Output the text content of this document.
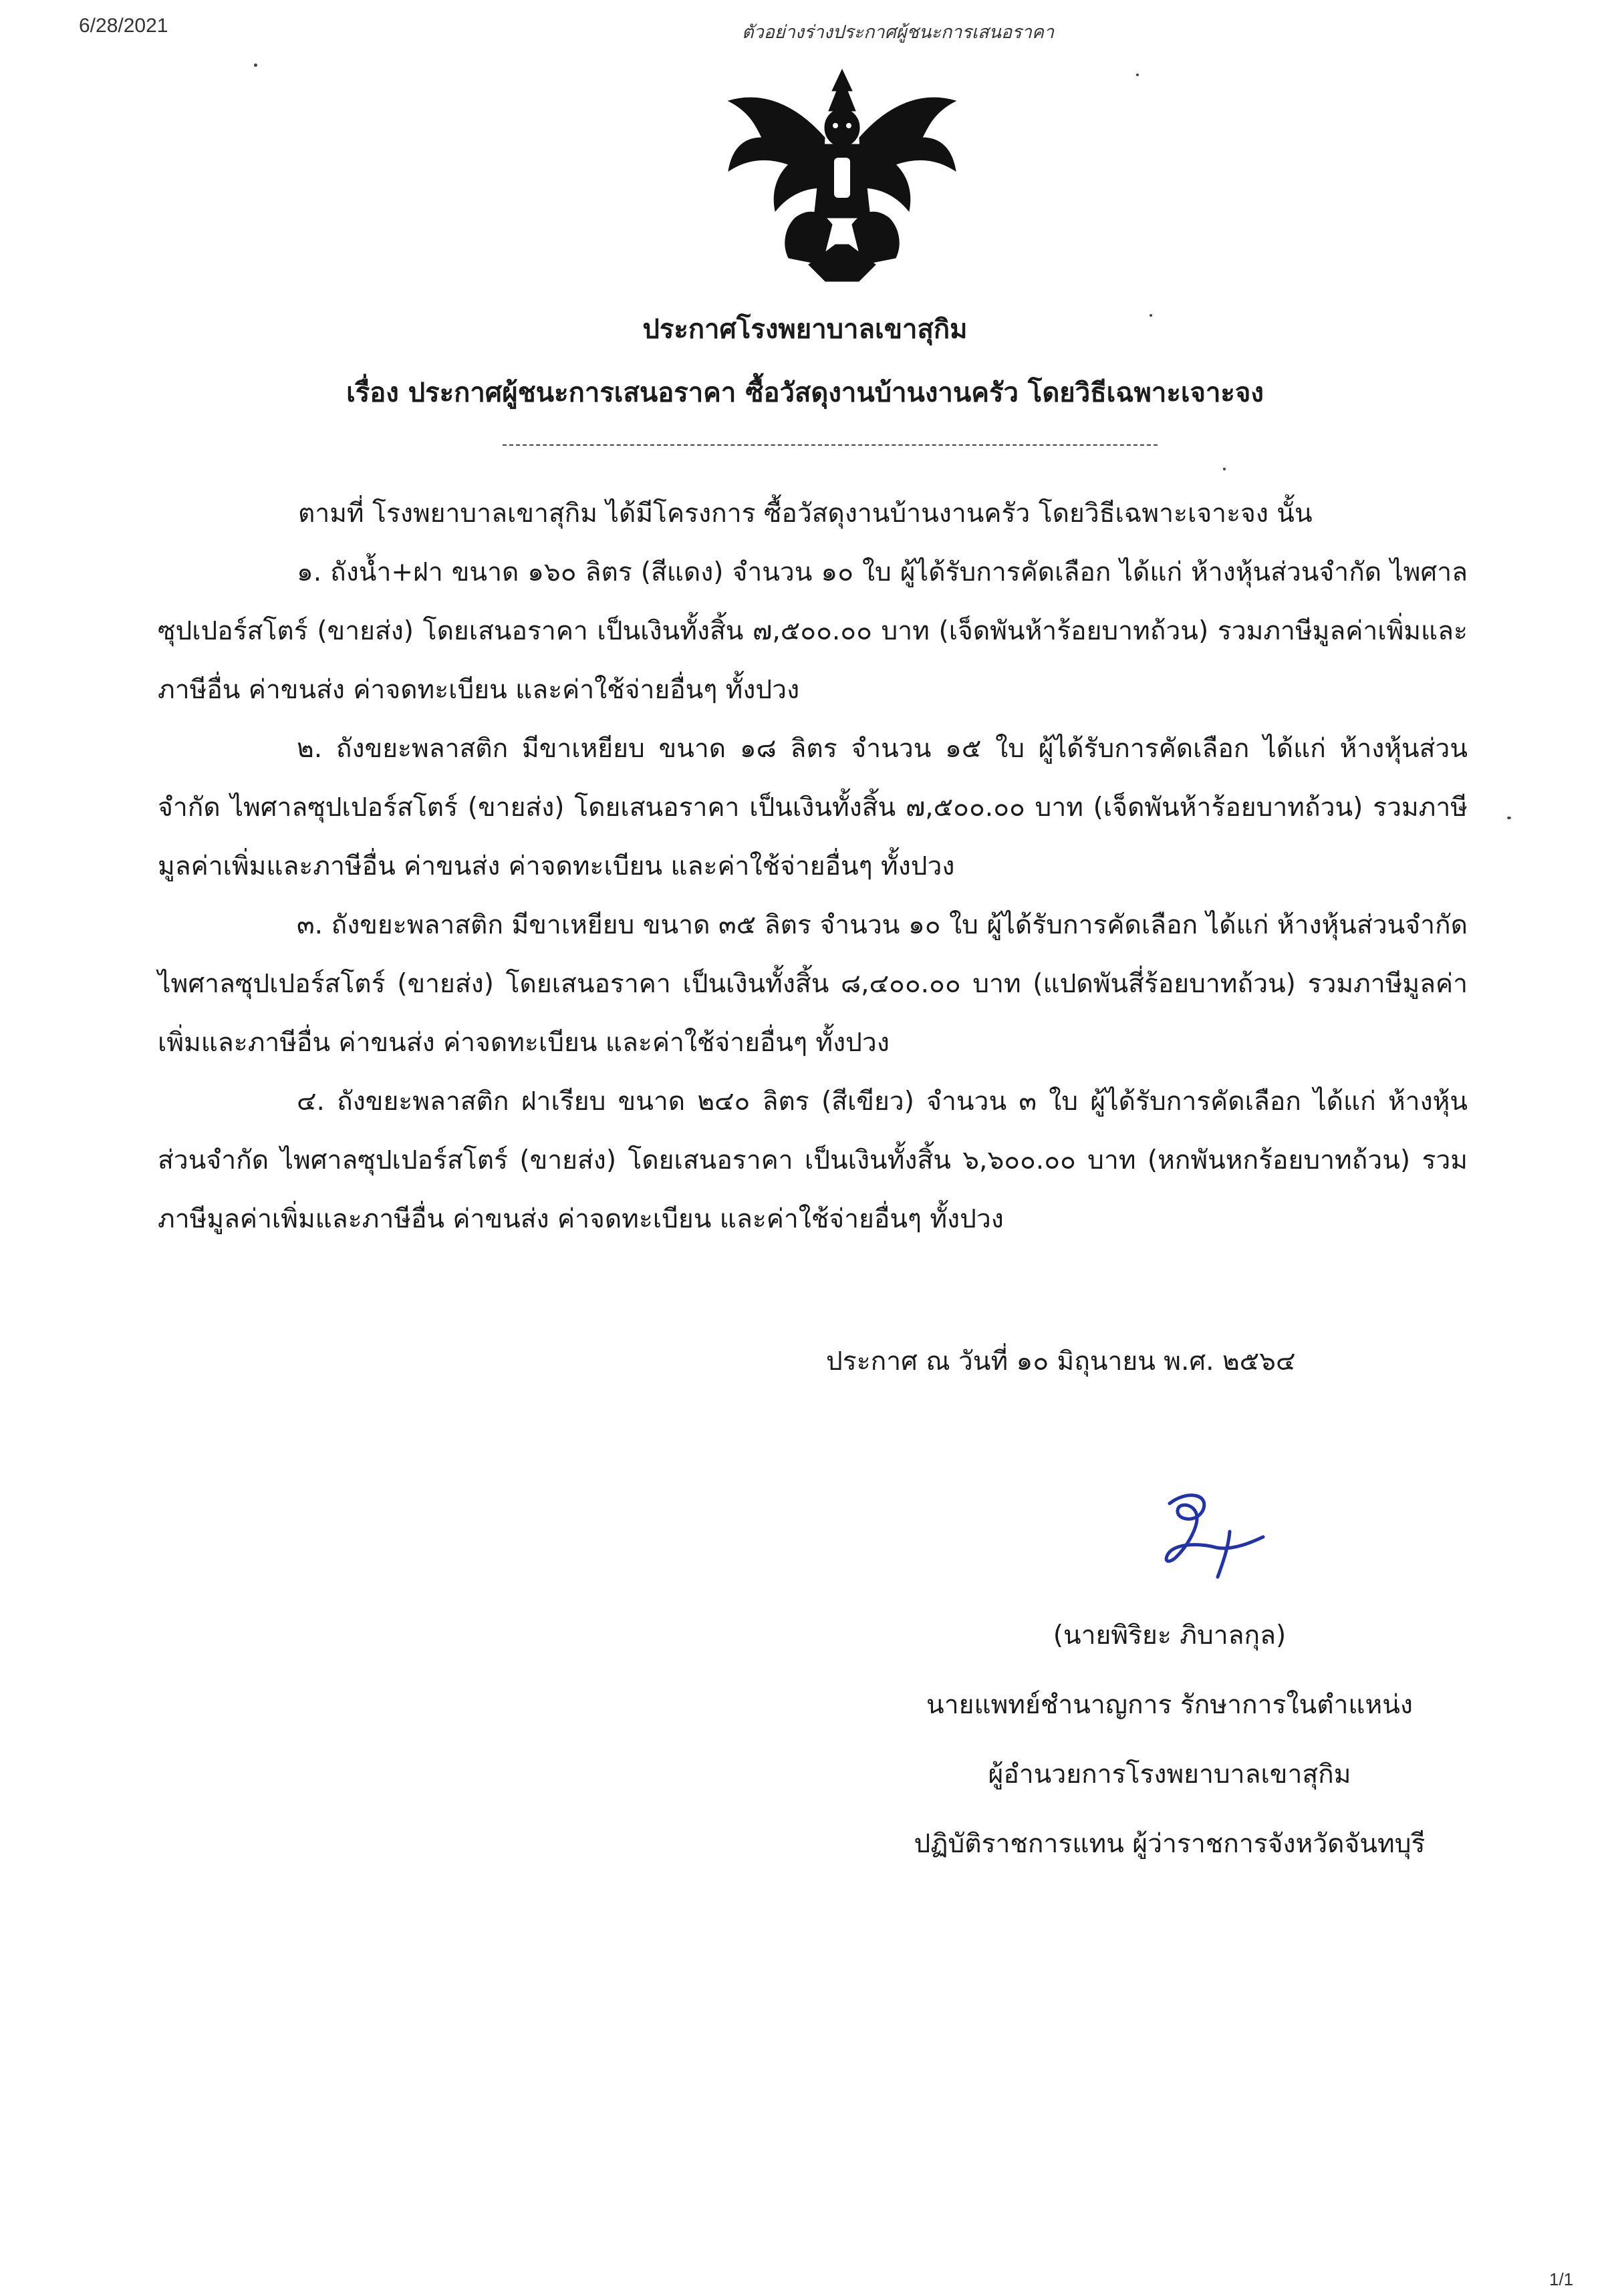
6/28/2021	ตัวอย่างร่างประกาศผู้ชนะการเสนอราคา
ประกาศโรงพยาบาลเขาสุกิม
เรื่อง ประกาศผู้ชนะการเสนอราคา ซื้อวัสดุงานบ้านงานครัว โดยวิธีเฉพาะเจาะจง

ตามที่ โรงพยาบาลเขาสุกิม ได้มีโครงการ ซื้อวัสดุงานบ้านงานครัว โดยวิธีเฉพาะเจาะจง นั้น

๑. ถังน้ำ+ฝา ขนาด ๑๖๐ ลิตร (สีแดง) จำนวน ๑๐ ใบ ผู้ได้รับการคัดเลือก ได้แก่ ห้างหุ้นส่วนจำกัด ไพศาลซุปเปอร์สโตร์ (ขายส่ง) โดยเสนอราคา เป็นเงินทั้งสิ้น ๗,๕๐๐.๐๐ บาท (เจ็ดพันห้าร้อยบาทถ้วน) รวมภาษีมูลค่าเพิ่มและภาษีอื่น ค่าขนส่ง ค่าจดทะเบียน และค่าใช้จ่ายอื่นๆ ทั้งปวง

๒. ถังขยะพลาสติก มีขาเหยียบ ขนาด ๑๘ ลิตร จำนวน ๑๕ ใบ ผู้ได้รับการคัดเลือก ได้แก่ ห้างหุ้นส่วนจำกัด ไพศาลซุปเปอร์สโตร์ (ขายส่ง) โดยเสนอราคา เป็นเงินทั้งสิ้น ๗,๕๐๐.๐๐ บาท (เจ็ดพันห้าร้อยบาทถ้วน) รวมภาษีมูลค่าเพิ่มและภาษีอื่น ค่าขนส่ง ค่าจดทะเบียน และค่าใช้จ่ายอื่นๆ ทั้งปวง

๓. ถังขยะพลาสติก มีขาเหยียบ ขนาด ๓๕ ลิตร จำนวน ๑๐ ใบ ผู้ได้รับการคัดเลือก ได้แก่ ห้างหุ้นส่วนจำกัด ไพศาลซุปเปอร์สโตร์ (ขายส่ง) โดยเสนอราคา เป็นเงินทั้งสิ้น ๘,๔๐๐.๐๐ บาท (แปดพันสี่ร้อยบาทถ้วน) รวมภาษีมูลค่าเพิ่มและภาษีอื่น ค่าขนส่ง ค่าจดทะเบียน และค่าใช้จ่ายอื่นๆ ทั้งปวง

๔. ถังขยะพลาสติก ฝาเรียบ ขนาด ๒๔๐ ลิตร (สีเขียว) จำนวน ๓ ใบ ผู้ได้รับการคัดเลือก ได้แก่ ห้างหุ้นส่วนจำกัด ไพศาลซุปเปอร์สโตร์ (ขายส่ง) โดยเสนอราคา เป็นเงินทั้งสิ้น ๖,๖๐๐.๐๐ บาท (หกพันหกร้อยบาทถ้วน) รวมภาษีมูลค่าเพิ่มและภาษีอื่น ค่าขนส่ง ค่าจดทะเบียน และค่าใช้จ่ายอื่นๆ ทั้งปวง

ประกาศ ณ วันที่ ๑๐ มิถุนายน พ.ศ. ๒๕๖๔
(นายพิริยะ ภิบาลกุล)
นายแพทย์ชำนาญการ รักษาการในตำแหน่ง
ผู้อำนวยการโรงพยาบาลเขาสุกิม
ปฏิบัติราชการแทน ผู้ว่าราชการจังหวัดจันทบุรี
1/1
